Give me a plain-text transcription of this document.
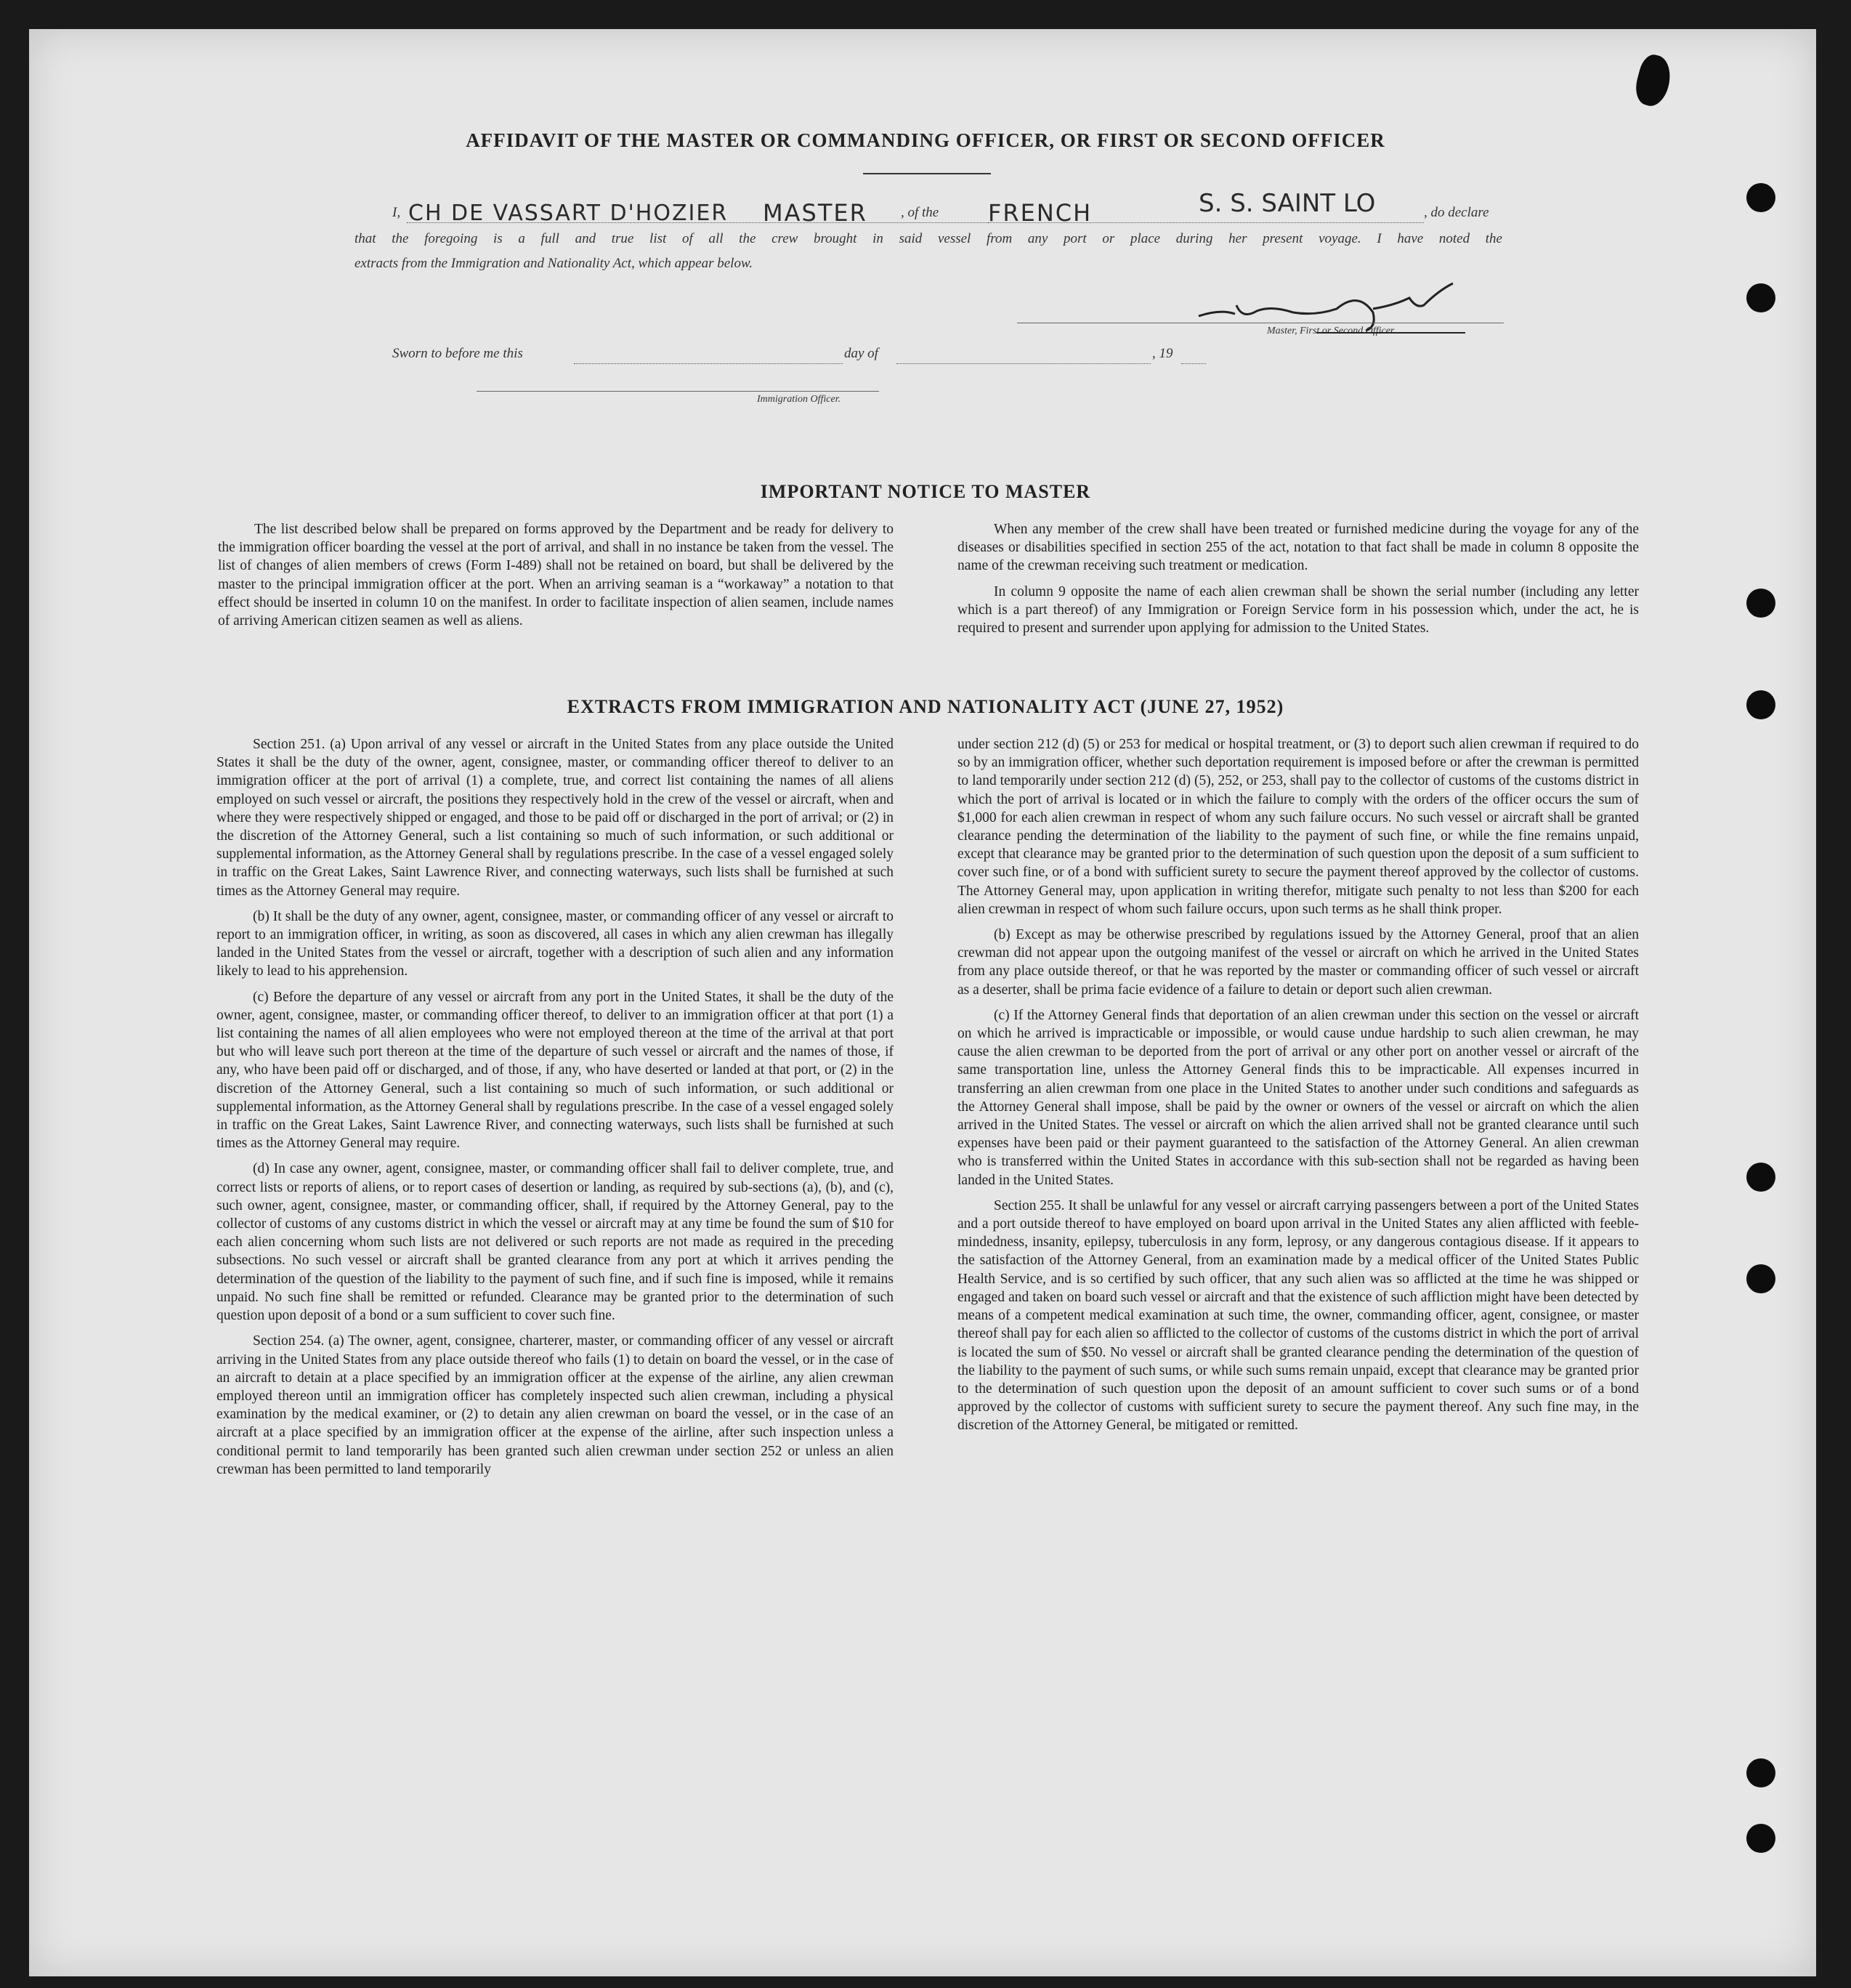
AFFIDAVIT OF THE MASTER OR COMMANDING OFFICER, OR FIRST OR SECOND OFFICER
I, CH DE VASSART D'HOZIER MASTER , of the FRENCH	S. S. SAINT LO	, do declare
that the foregoing is a full and true list of all the crew brought in said vessel from any port or place during her present voyage. I have noted the
extracts from the Immigration and Nationality Act, which appear below.
Master, First or Second Officer.
Sworn to before me this	day of	, 19
Immigration Officer.
IMPORTANT NOTICE TO MASTER

The list described below shall be prepared on forms approved by the Department and be ready for delivery to the immigration officer boarding the vessel at the port of arrival, and shall in no instance be taken from the vessel. The list of changes of alien members of crews (Form I-489) shall not be retained on board, but shall be delivered by the master to the principal immigration officer at the port. When an arriving seaman is a “workaway” a notation to that effect should be inserted in column 10 on the manifest. In order to facilitate inspection of alien seamen, include names of arriving American citizen seamen as well as aliens.

When any member of the crew shall have been treated or furnished medicine during the voyage for any of the diseases or disabilities specified in section 255 of the act, notation to that fact shall be made in column 8 opposite the name of the crewman receiving such treatment or medication.

In column 9 opposite the name of each alien crewman shall be shown the serial number (including any letter which is a part thereof) of any Immigration or Foreign Service form in his possession which, under the act, he is required to present and surrender upon applying for admission to the United States.

EXTRACTS FROM IMMIGRATION AND NATIONALITY ACT (JUNE 27, 1952)

Section 251. (a) Upon arrival of any vessel or aircraft in the United States from any place outside the United States it shall be the duty of the owner, agent, consignee, master, or commanding officer thereof to deliver to an immigration officer at the port of arrival (1) a complete, true, and correct list containing the names of all aliens employed on such vessel or aircraft, the positions they respectively hold in the crew of the vessel or aircraft, when and where they were respectively shipped or engaged, and those to be paid off or discharged in the port of arrival; or (2) in the discretion of the Attorney General, such a list containing so much of such information, or such additional or supplemental information, as the Attorney General shall by regulations prescribe. In the case of a vessel engaged solely in traffic on the Great Lakes, Saint Lawrence River, and connecting waterways, such lists shall be furnished at such times as the Attorney General may require.

(b) It shall be the duty of any owner, agent, consignee, master, or commanding officer of any vessel or aircraft to report to an immigration officer, in writing, as soon as discovered, all cases in which any alien crewman has illegally landed in the United States from the vessel or aircraft, together with a description of such alien and any information likely to lead to his apprehension.

(c) Before the departure of any vessel or aircraft from any port in the United States, it shall be the duty of the owner, agent, consignee, master, or commanding officer thereof, to deliver to an immigration officer at that port (1) a list containing the names of all alien employees who were not employed thereon at the time of the arrival at that port but who will leave such port thereon at the time of the departure of such vessel or aircraft and the names of those, if any, who have been paid off or discharged, and of those, if any, who have deserted or landed at that port, or (2) in the discretion of the Attorney General, such a list containing so much of such information, or such additional or supplemental information, as the Attorney General shall by regulations prescribe. In the case of a vessel engaged solely in traffic on the Great Lakes, Saint Lawrence River, and connecting waterways, such lists shall be furnished at such times as the Attorney General may require.

(d) In case any owner, agent, consignee, master, or commanding officer shall fail to deliver complete, true, and correct lists or reports of aliens, or to report cases of desertion or landing, as required by sub-sections (a), (b), and (c), such owner, agent, consignee, master, or commanding officer, shall, if required by the Attorney General, pay to the collector of customs of any customs district in which the vessel or aircraft may at any time be found the sum of $10 for each alien concerning whom such lists are not delivered or such reports are not made as required in the preceding subsections. No such vessel or aircraft shall be granted clearance from any port at which it arrives pending the determination of the question of the liability to the payment of such fine, and if such fine is imposed, while it remains unpaid. No such fine shall be remitted or refunded. Clearance may be granted prior to the determination of such question upon deposit of a bond or a sum sufficient to cover such fine.

Section 254. (a) The owner, agent, consignee, charterer, master, or commanding officer of any vessel or aircraft arriving in the United States from any place outside thereof who fails (1) to detain on board the vessel, or in the case of an aircraft to detain at a place specified by an immigration officer at the expense of the airline, any alien crewman employed thereon until an immigration officer has completely inspected such alien crewman, including a physical examination by the medical examiner, or (2) to detain any alien crewman on board the vessel, or in the case of an aircraft at a place specified by an immigration officer at the expense of the airline, after such inspection unless a conditional permit to land temporarily has been granted such alien crewman under section 252 or unless an alien crewman has been permitted to land temporarily

under section 212 (d) (5) or 253 for medical or hospital treatment, or (3) to deport such alien crewman if required to do so by an immigration officer, whether such deportation requirement is imposed before or after the crewman is permitted to land temporarily under section 212 (d) (5), 252, or 253, shall pay to the collector of customs of the customs district in which the port of arrival is located or in which the failure to comply with the orders of the officer occurs the sum of $1,000 for each alien crewman in respect of whom any such failure occurs. No such vessel or aircraft shall be granted clearance pending the determination of the liability to the payment of such fine, or while the fine remains unpaid, except that clearance may be granted prior to the determination of such question upon the deposit of a sum sufficient to cover such fine, or of a bond with sufficient surety to secure the payment thereof approved by the collector of customs. The Attorney General may, upon application in writing therefor, mitigate such penalty to not less than $200 for each alien crewman in respect of whom such failure occurs, upon such terms as he shall think proper.

(b) Except as may be otherwise prescribed by regulations issued by the Attorney General, proof that an alien crewman did not appear upon the outgoing manifest of the vessel or aircraft on which he arrived in the United States from any place outside thereof, or that he was reported by the master or commanding officer of such vessel or aircraft as a deserter, shall be prima facie evidence of a failure to detain or deport such alien crewman.

(c) If the Attorney General finds that deportation of an alien crewman under this section on the vessel or aircraft on which he arrived is impracticable or impossible, or would cause undue hardship to such alien crewman, he may cause the alien crewman to be deported from the port of arrival or any other port on another vessel or aircraft of the same transportation line, unless the Attorney General finds this to be impracticable. All expenses incurred in transferring an alien crewman from one place in the United States to another under such conditions and safeguards as the Attorney General shall impose, shall be paid by the owner or owners of the vessel or aircraft on which the alien arrived in the United States. The vessel or aircraft on which the alien arrived shall not be granted clearance until such expenses have been paid or their payment guaranteed to the satisfaction of the Attorney General. An alien crewman who is transferred within the United States in accordance with this sub-section shall not be regarded as having been landed in the United States.

Section 255. It shall be unlawful for any vessel or aircraft carrying passengers between a port of the United States and a port outside thereof to have employed on board upon arrival in the United States any alien afflicted with feeble-mindedness, insanity, epilepsy, tuberculosis in any form, leprosy, or any dangerous contagious disease. If it appears to the satisfaction of the Attorney General, from an examination made by a medical officer of the United States Public Health Service, and is so certified by such officer, that any such alien was so afflicted at the time he was shipped or engaged and taken on board such vessel or aircraft and that the existence of such affliction might have been detected by means of a competent medical examination at such time, the owner, commanding officer, agent, consignee, or master thereof shall pay for each alien so afflicted to the collector of customs of the customs district in which the port of arrival is located the sum of $50. No vessel or aircraft shall be granted clearance pending the determination of the question of the liability to the payment of such sums, or while such sums remain unpaid, except that clearance may be granted prior to the determination of such question upon the deposit of an amount sufficient to cover such sums or of a bond approved by the collector of customs with sufficient surety to secure the payment thereof. Any such fine may, in the discretion of the Attorney General, be mitigated or remitted.
